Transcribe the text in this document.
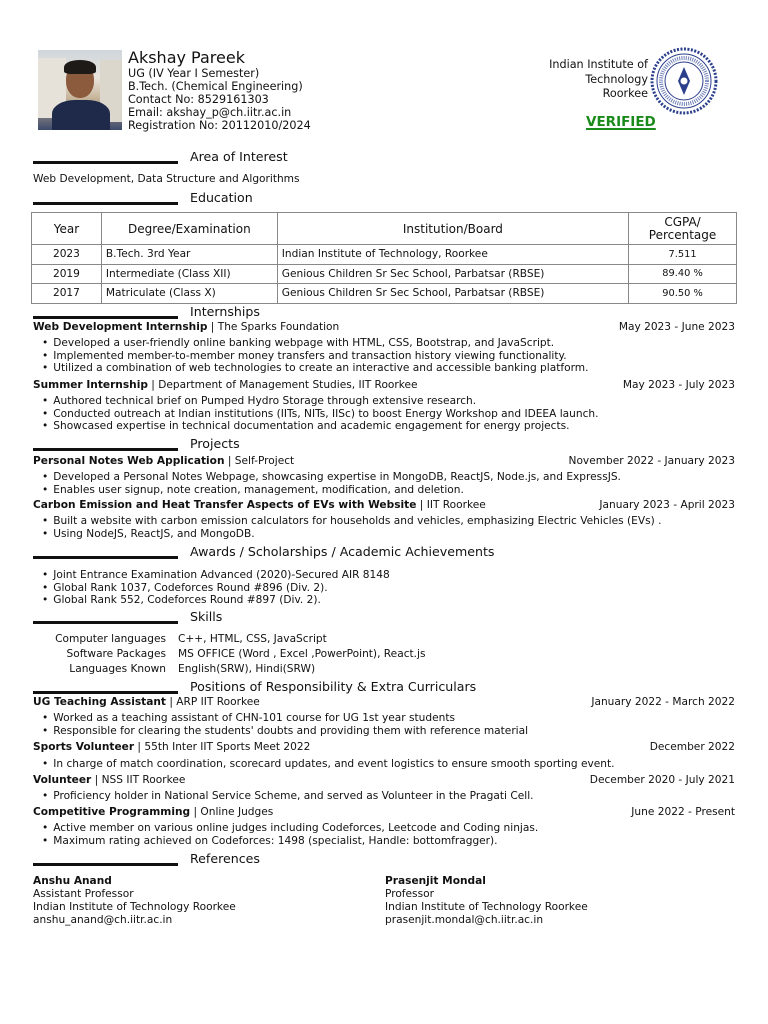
Akshay Pareek
UG (IV Year I Semester)
B.Tech. (Chemical Engineering)
Contact No: 8529161303
Email: akshay_p@ch.iitr.ac.in
Registration No: 20112010/2024
Indian Institute of
Technology
Roorkee
VERIFIED
Area of Interest
Web Development, Data Structure and Algorithms
Education
Year	Degree/Examination	Institution/Board	CGPA/
Percentage
2023	B.Tech. 3rd Year	Indian Institute of Technology, Roorkee	7.511
2019	Intermediate (Class XII)	Genious Children Sr Sec School, Parbatsar (RBSE)	89.40 %
2017	Matriculate (Class X)	Genious Children Sr Sec School, Parbatsar (RBSE)	90.50 %
Internships
Web Development Internship | The Sparks Foundation	May 2023 - June 2023
• Developed a user-friendly online banking webpage with HTML, CSS, Bootstrap, and JavaScript.
• Implemented member-to-member money transfers and transaction history viewing functionality.
• Utilized a combination of web technologies to create an interactive and accessible banking platform.
Summer Internship | Department of Management Studies, IIT Roorkee	May 2023 - July 2023
• Authored technical brief on Pumped Hydro Storage through extensive research.
• Conducted outreach at Indian institutions (IITs, NITs, IISc) to boost Energy Workshop and IDEEA launch.
• Showcased expertise in technical documentation and academic engagement for energy projects.
Projects
Personal Notes Web Application | Self-Project	November 2022 - January 2023
• Developed a Personal Notes Webpage, showcasing expertise in MongoDB, ReactJS, Node.js, and ExpressJS.
• Enables user signup, note creation, management, modification, and deletion.
Carbon Emission and Heat Transfer Aspects of EVs with Website | IIT Roorkee	January 2023 - April 2023
• Built a website with carbon emission calculators for households and vehicles, emphasizing Electric Vehicles (EVs) .
• Using NodeJS, ReactJS, and MongoDB.
Awards / Scholarships / Academic Achievements
• Joint Entrance Examination Advanced (2020)-Secured AIR 8148
• Global Rank 1037, Codeforces Round #896 (Div. 2).
• Global Rank 552, Codeforces Round #897 (Div. 2).
Skills
Computer languages	C++, HTML, CSS, JavaScript
Software Packages	MS OFFICE (Word , Excel ,PowerPoint), React.js
Languages Known	English(SRW), Hindi(SRW)
Positions of Responsibility & Extra Curriculars
UG Teaching Assistant | ARP IIT Roorkee	January 2022 - March 2022
• Worked as a teaching assistant of CHN-101 course for UG 1st year students
• Responsible for clearing the students' doubts and providing them with reference material
Sports Volunteer | 55th Inter IIT Sports Meet 2022	December 2022
• In charge of match coordination, scorecard updates, and event logistics to ensure smooth sporting event.
Volunteer | NSS IIT Roorkee	December 2020 - July 2021
• Proficiency holder in National Service Scheme, and served as Volunteer in the Pragati Cell.
Competitive Programming | Online Judges	June 2022 - Present
• Active member on various online judges including Codeforces, Leetcode and Coding ninjas.
• Maximum rating achieved on Codeforces: 1498 (specialist, Handle: bottomfragger).
References
Anshu Anand
Assistant Professor
Indian Institute of Technology Roorkee
anshu_anand@ch.iitr.ac.in
Prasenjit Mondal
Professor
Indian Institute of Technology Roorkee
prasenjit.mondal@ch.iitr.ac.in
